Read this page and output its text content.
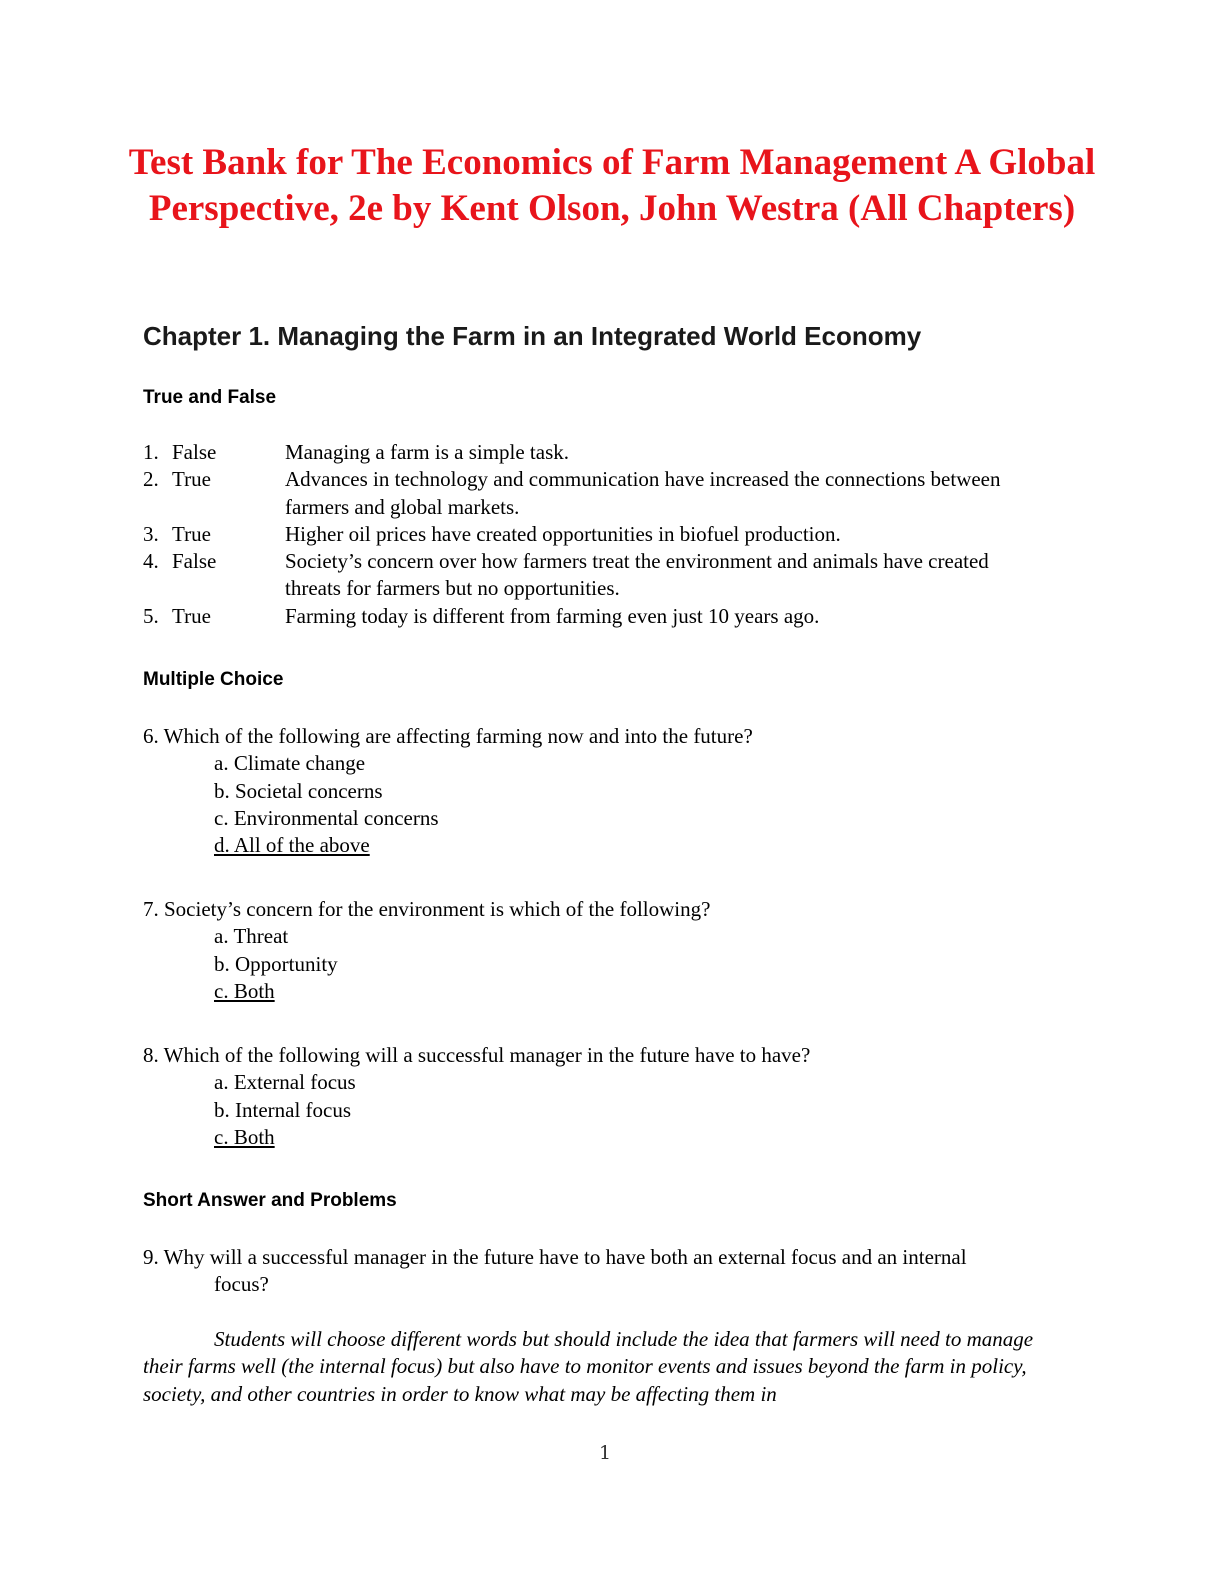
Test Bank for The Economics of Farm Management A Global Perspective, 2e by Kent Olson, John Westra (All Chapters)
Chapter 1. Managing the Farm in an Integrated World Economy
True and False
1. False	Managing a farm is a simple task.
2. True	Advances in technology and communication have increased the connections between farmers and global markets.
3. True	Higher oil prices have created opportunities in biofuel production.
4. False	Society’s concern over how farmers treat the environment and animals have created threats for farmers but no opportunities.
5. True	Farming today is different from farming even just 10 years ago.
Multiple Choice

6. Which of the following are affecting farming now and into the future?

a. Climate change

b. Societal concerns

c. Environmental concerns

d. All of the above

7. Society’s concern for the environment is which of the following?

a. Threat

b. Opportunity

c. Both

8. Which of the following will a successful manager in the future have to have?

a. External focus

b. Internal focus

c. Both

Short Answer and Problems

9. Why will a successful manager in the future have to have both an external focus and an internal focus?

Students will choose different words but should include the idea that farmers will need to manage their farms well (the internal focus) but also have to monitor events and issues beyond the farm in policy, society, and other countries in order to know what may be affecting them in

1
